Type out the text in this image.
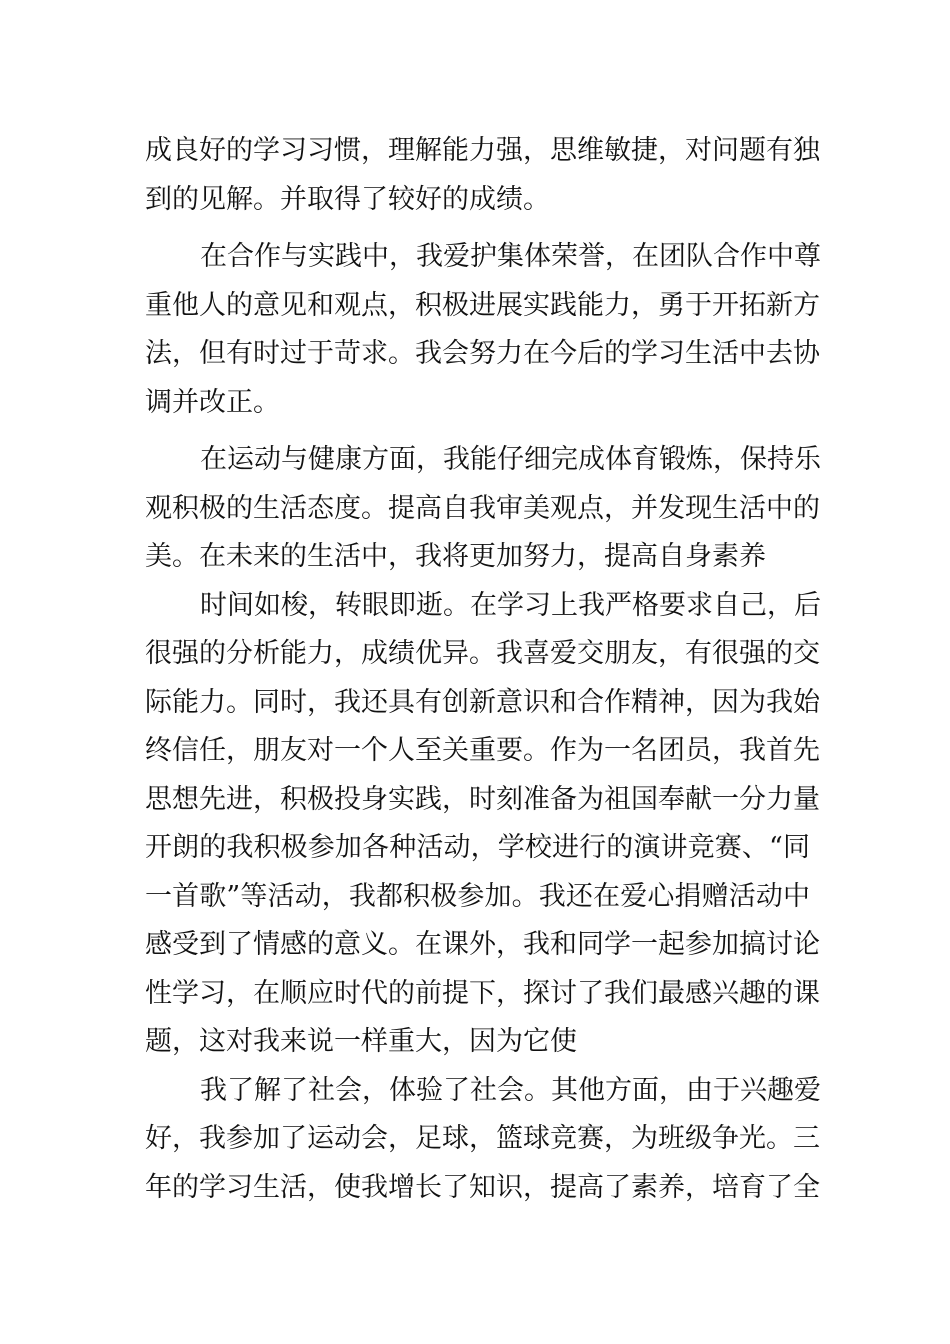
成良好的学习习惯，理解能力强，思维敏捷，对问题有独
到的见解。并取得了较好的成绩。
在合作与实践中，我爱护集体荣誉，在团队合作中尊
重他人的意见和观点，积极进展实践能力，勇于开拓新方
法，但有时过于苛求。我会努力在今后的学习生活中去协
调并改正。
在运动与健康方面，我能仔细完成体育锻炼，保持乐
观积极的生活态度。提高自我审美观点，并发现生活中的
美。在未来的生活中，我将更加努力，提高自身素养
时间如梭，转眼即逝。在学习上我严格要求自己，后
很强的分析能力，成绩优异。我喜爱交朋友，有很强的交
际能力。同时，我还具有创新意识和合作精神，因为我始
终信任，朋友对一个人至关重要。作为一名团员，我首先
思想先进，积极投身实践，时刻准备为祖国奉献一分力量
开朗的我积极参加各种活动，学校进行的演讲竞赛、“同
一首歌”等活动，我都积极参加。我还在爱心捐赠活动中
感受到了情感的意义。在课外，我和同学一起参加搞讨论
性学习，在顺应时代的前提下，探讨了我们最感兴趣的课
题，这对我来说一样重大，因为它使
我了解了社会，体验了社会。其他方面，由于兴趣爱
好，我参加了运动会，足球，篮球竞赛，为班级争光。三
年的学习生活，使我增长了知识，提高了素养，培育了全
